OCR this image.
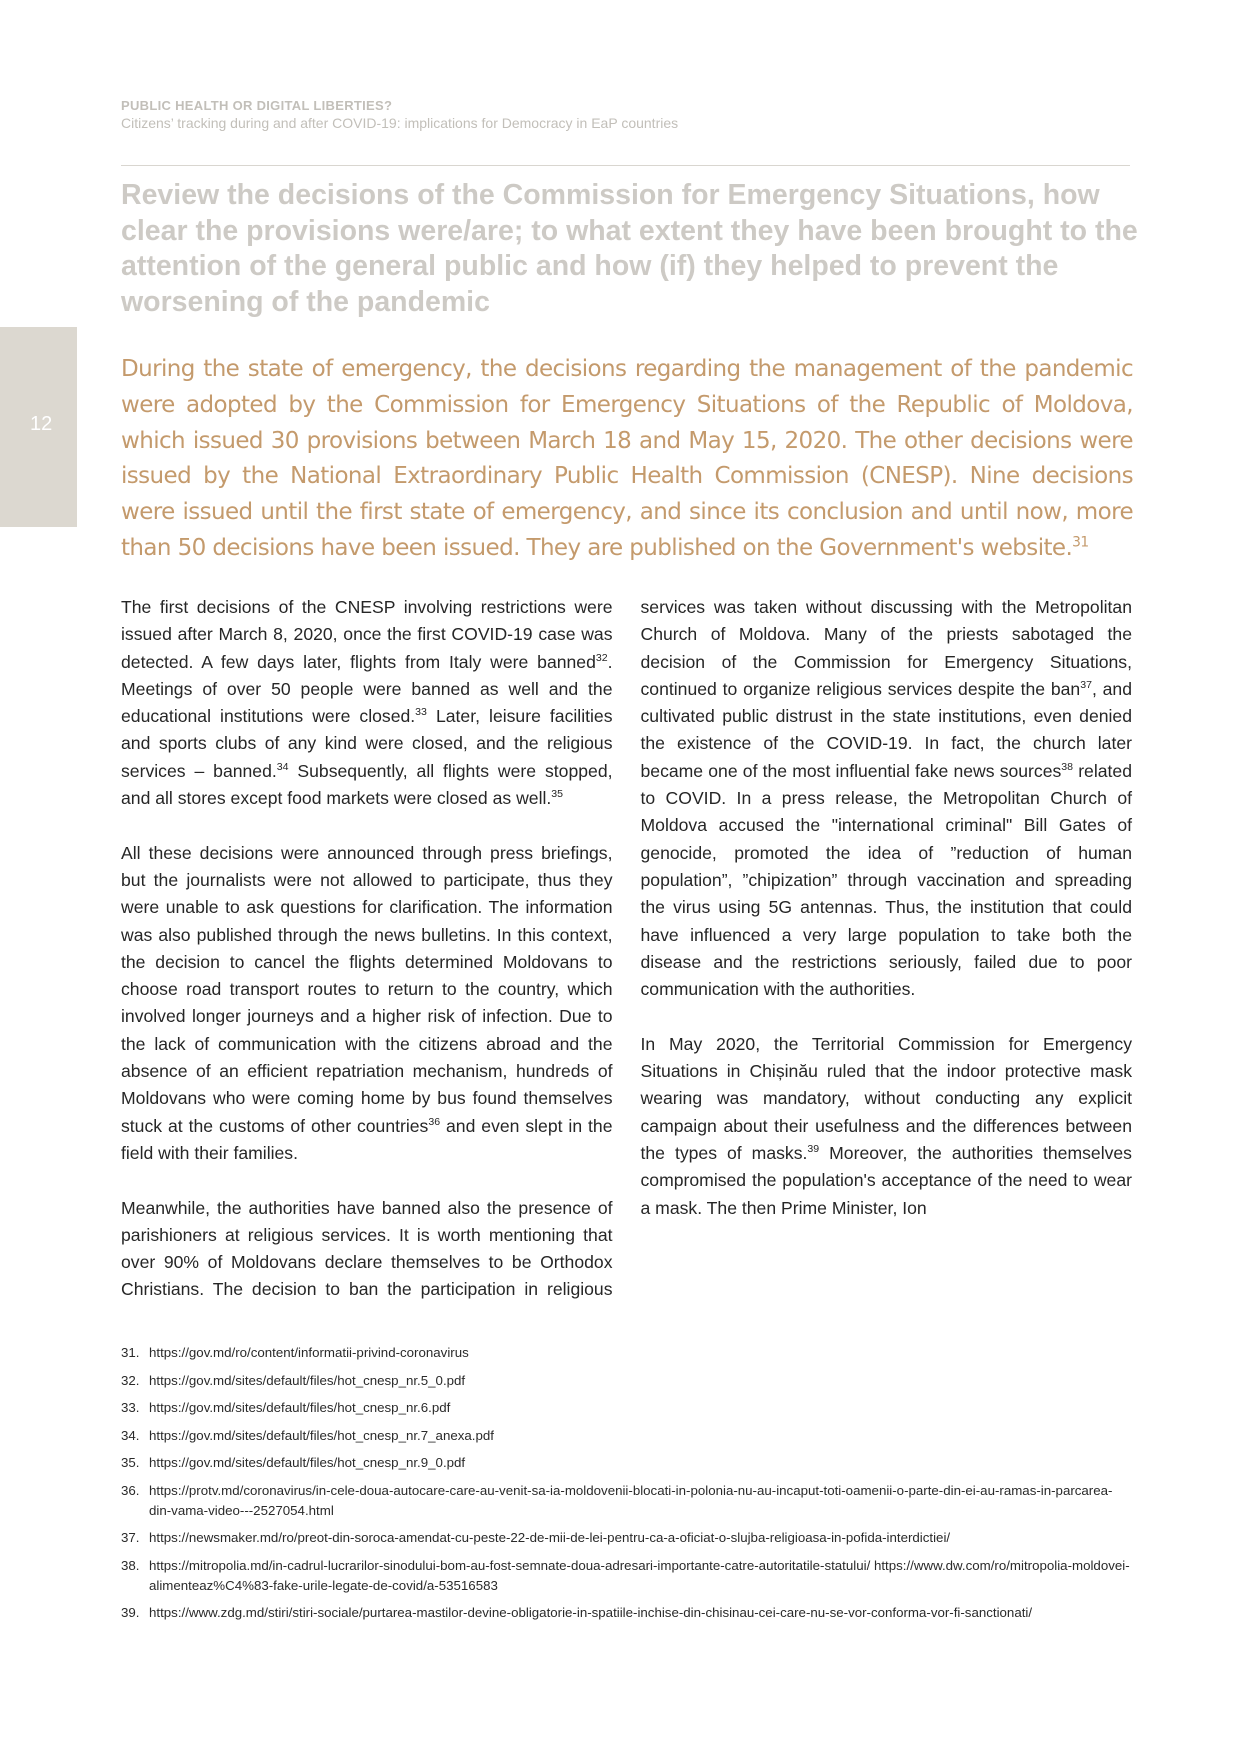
PUBLIC HEALTH OR DIGITAL LIBERTIES?

Citizens’ tracking during and after COVID-19: implications for Democracy in EaP countries

Review the decisions of the Commission for Emergency Situations, how clear the provisions were/are; to what extent they have been brought to the attention of the general public and how (if) they helped to prevent the worsening of the pandemic
12

During the state of emergency, the decisions regarding the management of the pandemic were adopted by the Commission for Emergency Situations of the Republic of Moldova, which issued 30 provisions between March 18 and May 15, 2020. The other decisions were issued by the National Extraordinary Public Health Commission (CNESP). Nine decisions were issued until the first state of emergency, and since its conclusion and until now, more than 50 decisions have been issued. They are published on the Government's website.$^{31}$

The first decisions of the CNESP involving restrictions were issued after March 8, 2020, once the first COVID-19 case was detected. A few days later, flights from Italy were banned$^{32}$. Meetings of over 50 people were banned as well and the educational institutions were closed.$^{33}$ Later, leisure facilities and sports clubs of any kind were closed, and the religious services – banned.$^{34}$ Subsequently, all flights were stopped, and all stores except food markets were closed as well.$^{35}$

All these decisions were announced through press briefings, but the journalists were not allowed to participate, thus they were unable to ask questions for clarification. The information was also published through the news bulletins. In this context, the decision to cancel the flights determined Moldovans to choose road transport routes to return to the country, which involved longer journeys and a higher risk of infection. Due to the lack of communication with the citizens abroad and the absence of an efficient repatriation mechanism, hundreds of Moldovans who were coming home by bus found themselves stuck at the customs of other countries$^{36}$ and even slept in the field with their families.

Meanwhile, the authorities have banned also the presence of parishioners at religious services. It is worth mentioning that over 90% of Moldovans declare themselves to be Orthodox Christians. The decision to ban the participation in religious services was taken without discussing with the Metropolitan Church of Moldova. Many of the priests sabotaged the decision of the Commission for Emergency Situations, continued to organize religious services despite the ban$^{37}$, and cultivated public distrust in the state institutions, even denied the existence of the COVID-19. In fact, the church later became one of the most influential fake news sources$^{38}$ related to COVID. In a press release, the Metropolitan Church of Moldova accused the "international criminal" Bill Gates of genocide, promoted the idea of ”reduction of human population”, ”chipization” through vaccination and spreading the virus using 5G antennas. Thus, the institution that could have influenced a very large population to take both the disease and the restrictions seriously, failed due to poor communication with the authorities.

In May 2020, the Territorial Commission for Emergency Situations in Chișinău ruled that the indoor protective mask wearing was mandatory, without conducting any explicit campaign about their usefulness and the differences between the types of masks.$^{39}$ Moreover, the authorities themselves compromised the population's acceptance of the need to wear a mask. The then Prime Minister, Ion

31. https://gov.md/ro/content/informatii-privind-coronavirus
32. https://gov.md/sites/default/files/hot_cnesp_nr.5_0.pdf
33. https://gov.md/sites/default/files/hot_cnesp_nr.6.pdf
34. https://gov.md/sites/default/files/hot_cnesp_nr.7_anexa.pdf
35. https://gov.md/sites/default/files/hot_cnesp_nr.9_0.pdf
36. https://protv.md/coronavirus/in-cele-doua-autocare-care-au-venit-sa-ia-moldovenii-blocati-in-polonia-nu-au-incaput-toti-oamenii-o-parte-din-ei-au-ramas-in-parcarea-din-vama-video---2527054.html
37. https://newsmaker.md/ro/preot-din-soroca-amendat-cu-peste-22-de-mii-de-lei-pentru-ca-a-oficiat-o-slujba-religioasa-in-pofida-interdictiei/
38. https://mitropolia.md/in-cadrul-lucrarilor-sinodului-bom-au-fost-semnate-doua-adresari-importante-catre-autoritatile-statului/ https://www.dw.com/ro/mitropolia-moldovei-alimenteaz%C4%83-fake-urile-legate-de-covid/a-53516583
39. https://www.zdg.md/stiri/stiri-sociale/purtarea-mastilor-devine-obligatorie-in-spatiile-inchise-din-chisinau-cei-care-nu-se-vor-conforma-vor-fi-sanctionati/
